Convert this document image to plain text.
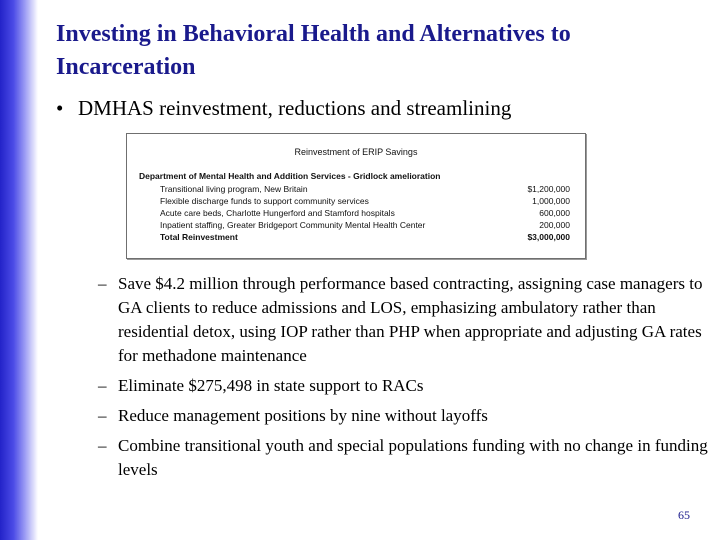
Investing in Behavioral Health and Alternatives to Incarceration
• DMHAS reinvestment, reductions and streamlining
Reinvestment of ERIP Savings
Department of Mental Health and Addition Services - Gridlock amelioration
Transitional living program, New Britain	$1,200,000
Flexible discharge funds to support community services	1,000,000
Acute care beds, Charlotte Hungerford and Stamford hospitals	600,000
Inpatient staffing, Greater Bridgeport Community Mental Health Center	200,000
Total Reinvestment	$3,000,000
– Save $4.2 million through performance based contracting, assigning case managers to GA clients to reduce admissions and LOS, emphasizing ambulatory rather than residential detox, using IOP rather than PHP when appropriate and adjusting GA rates for methadone maintenance
– Eliminate $275,498 in state support to RACs
– Reduce management positions by nine without layoffs
– Combine transitional youth and special populations funding with no change in funding levels
65
